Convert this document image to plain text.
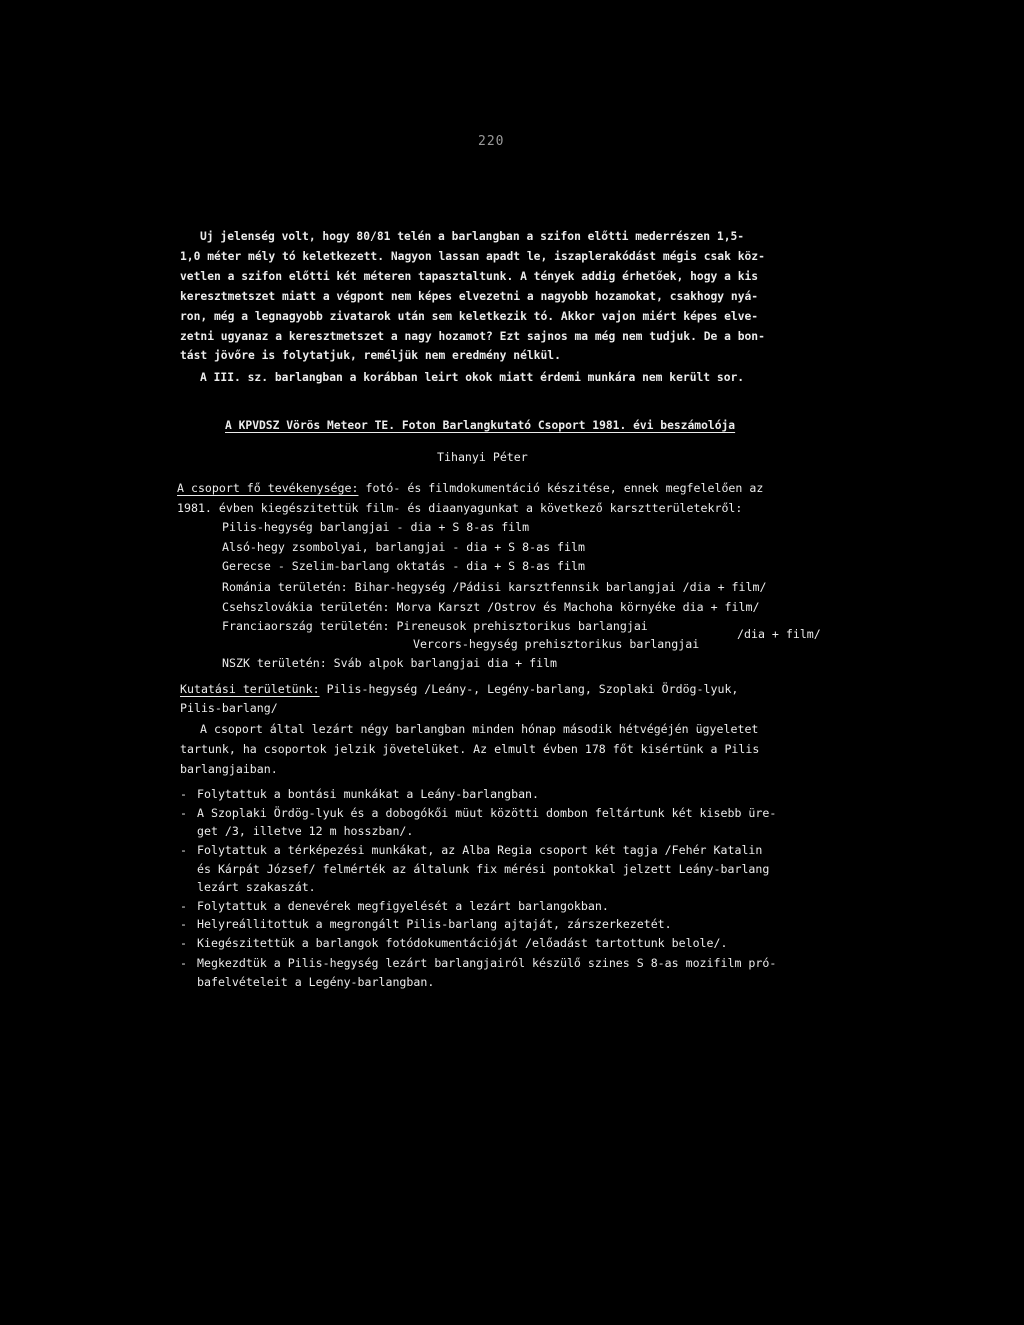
220
Uj jelenség volt, hogy 80/81 telén a barlangban a szifon előtti mederrészen 1,5-
1,0 méter mély tó keletkezett. Nagyon lassan apadt le, iszaplerakódást mégis csak köz-
vetlen a szifon előtti két méteren tapasztaltunk. A tények addig érhetőek, hogy a kis
keresztmetszet miatt a végpont nem képes elvezetni a nagyobb hozamokat, csakhogy nyá-
ron, még a legnagyobb zivatarok után sem keletkezik tó. Akkor vajon miért képes elve-
zetni ugyanaz a keresztmetszet a nagy hozamot? Ezt sajnos ma még nem tudjuk. De a bon-
tást jövőre is folytatjuk, reméljük nem eredmény nélkül.
A III. sz. barlangban a korábban leirt okok miatt érdemi munkára nem került sor.
A KPVDSZ Vörös Meteor TE. Foton Barlangkutató Csoport 1981. évi beszámolója
Tihanyi Péter
A csoport fő tevékenysége: fotó- és filmdokumentáció készitése, ennek megfelelően az
1981. évben kiegészitettük film- és diaanyagunkat a következő karsztterületekről:
Pilis-hegység barlangjai - dia + S 8-as film
Alsó-hegy zsombolyai, barlangjai - dia + S 8-as film
Gerecse - Szelim-barlang oktatás - dia + S 8-as film
Románia területén: Bihar-hegység /Pádisi karsztfennsik barlangjai /dia + film/
Csehszlovákia területén: Morva Karszt /Ostrov és Machoha környéke dia + film/
Franciaország területén: Pireneusok prehisztorikus barlangjai
Vercors-hegység prehisztorikus barlangjai
/dia + film/
NSZK területén: Sváb alpok barlangjai dia + film
Kutatási területünk: Pilis-hegység /Leány-, Legény-barlang, Szoplaki Ördög-lyuk,
Pilis-barlang/
A csoport által lezárt négy barlangban minden hónap második hétvégéjén ügyeletet
tartunk, ha csoportok jelzik jövetelüket. Az elmult évben 178 főt kisértünk a Pilis
barlangjaiban.
- Folytattuk a bontási munkákat a Leány-barlangban.
- A Szoplaki Ördög-lyuk és a dobogókői müut közötti dombon feltártunk két kisebb üre-
get /3, illetve 12 m hosszban/.
- Folytattuk a térképezési munkákat, az Alba Regia csoport két tagja /Fehér Katalin
és Kárpát József/ felmérték az általunk fix mérési pontokkal jelzett Leány-barlang
lezárt szakaszát.
- Folytattuk a denevérek megfigyelését a lezárt barlangokban.
- Helyreállitottuk a megrongált Pilis-barlang ajtaját, zárszerkezetét.
- Kiegészitettük a barlangok fotódokumentációját /előadást tartottunk belole/.
- Megkezdtük a Pilis-hegység lezárt barlangjairól készülő szines S 8-as mozifilm pró-
bafelvételeit a Legény-barlangban.
